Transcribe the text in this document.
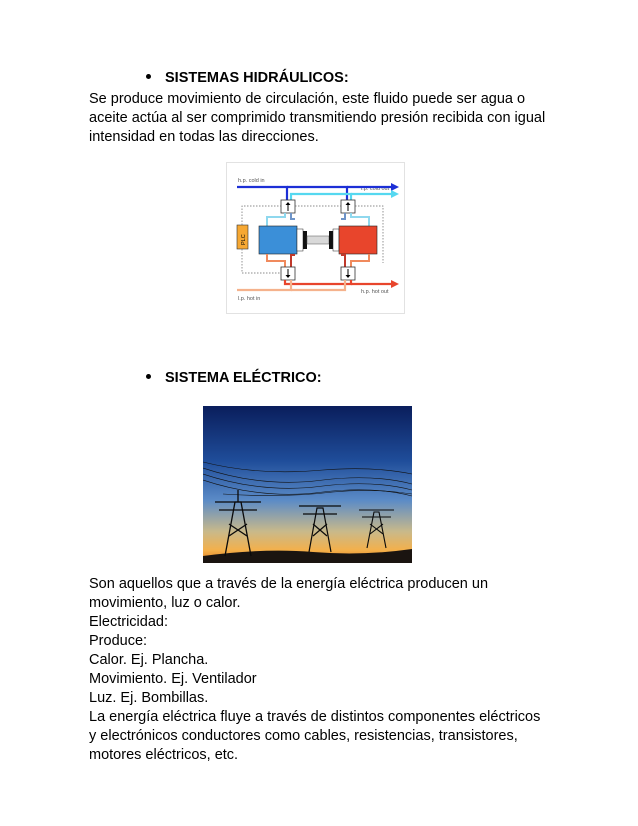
SISTEMAS HIDRÁULICOS:
Se produce movimiento de circulación, este fluido puede ser agua o
aceite actúa al ser comprimido transmitiendo presión recibida con igual
intensidad en todas las direcciones.
h.p. cold in
l.p. cold out
l.p. hot in
h.p. hot out
PLC
SISTEMA ELÉCTRICO:
Son aquellos que a través de la energía eléctrica producen un
movimiento, luz o calor.
Electricidad:
Produce:
Calor. Ej. Plancha.
Movimiento. Ej. Ventilador
Luz. Ej. Bombillas.
La energía eléctrica fluye a través de distintos componentes eléctricos
y electrónicos conductores como cables, resistencias, transistores,
motores eléctricos, etc.
